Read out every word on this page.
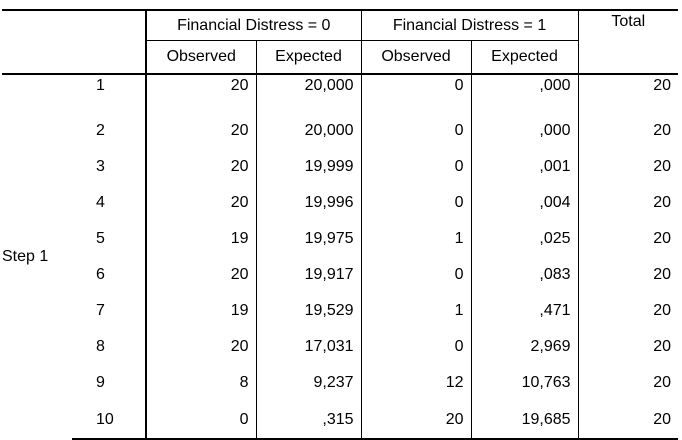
		Financial Distress = 0		Financial Distress = 1		Total
		Observed	Expected	Observed	Expected	
Step 1	1	20	20,000	0	,000	20
	2	20	20,000	0	,000	20
	3	20	19,999	0	,001	20
	4	20	19,996	0	,004	20
	5	19	19,975	1	,025	20
	6	20	19,917	0	,083	20
	7	19	19,529	1	,471	20
	8	20	17,031	0	2,969	20
	9	8	9,237	12	10,763	20
	10	0	,315	20	19,685	20
